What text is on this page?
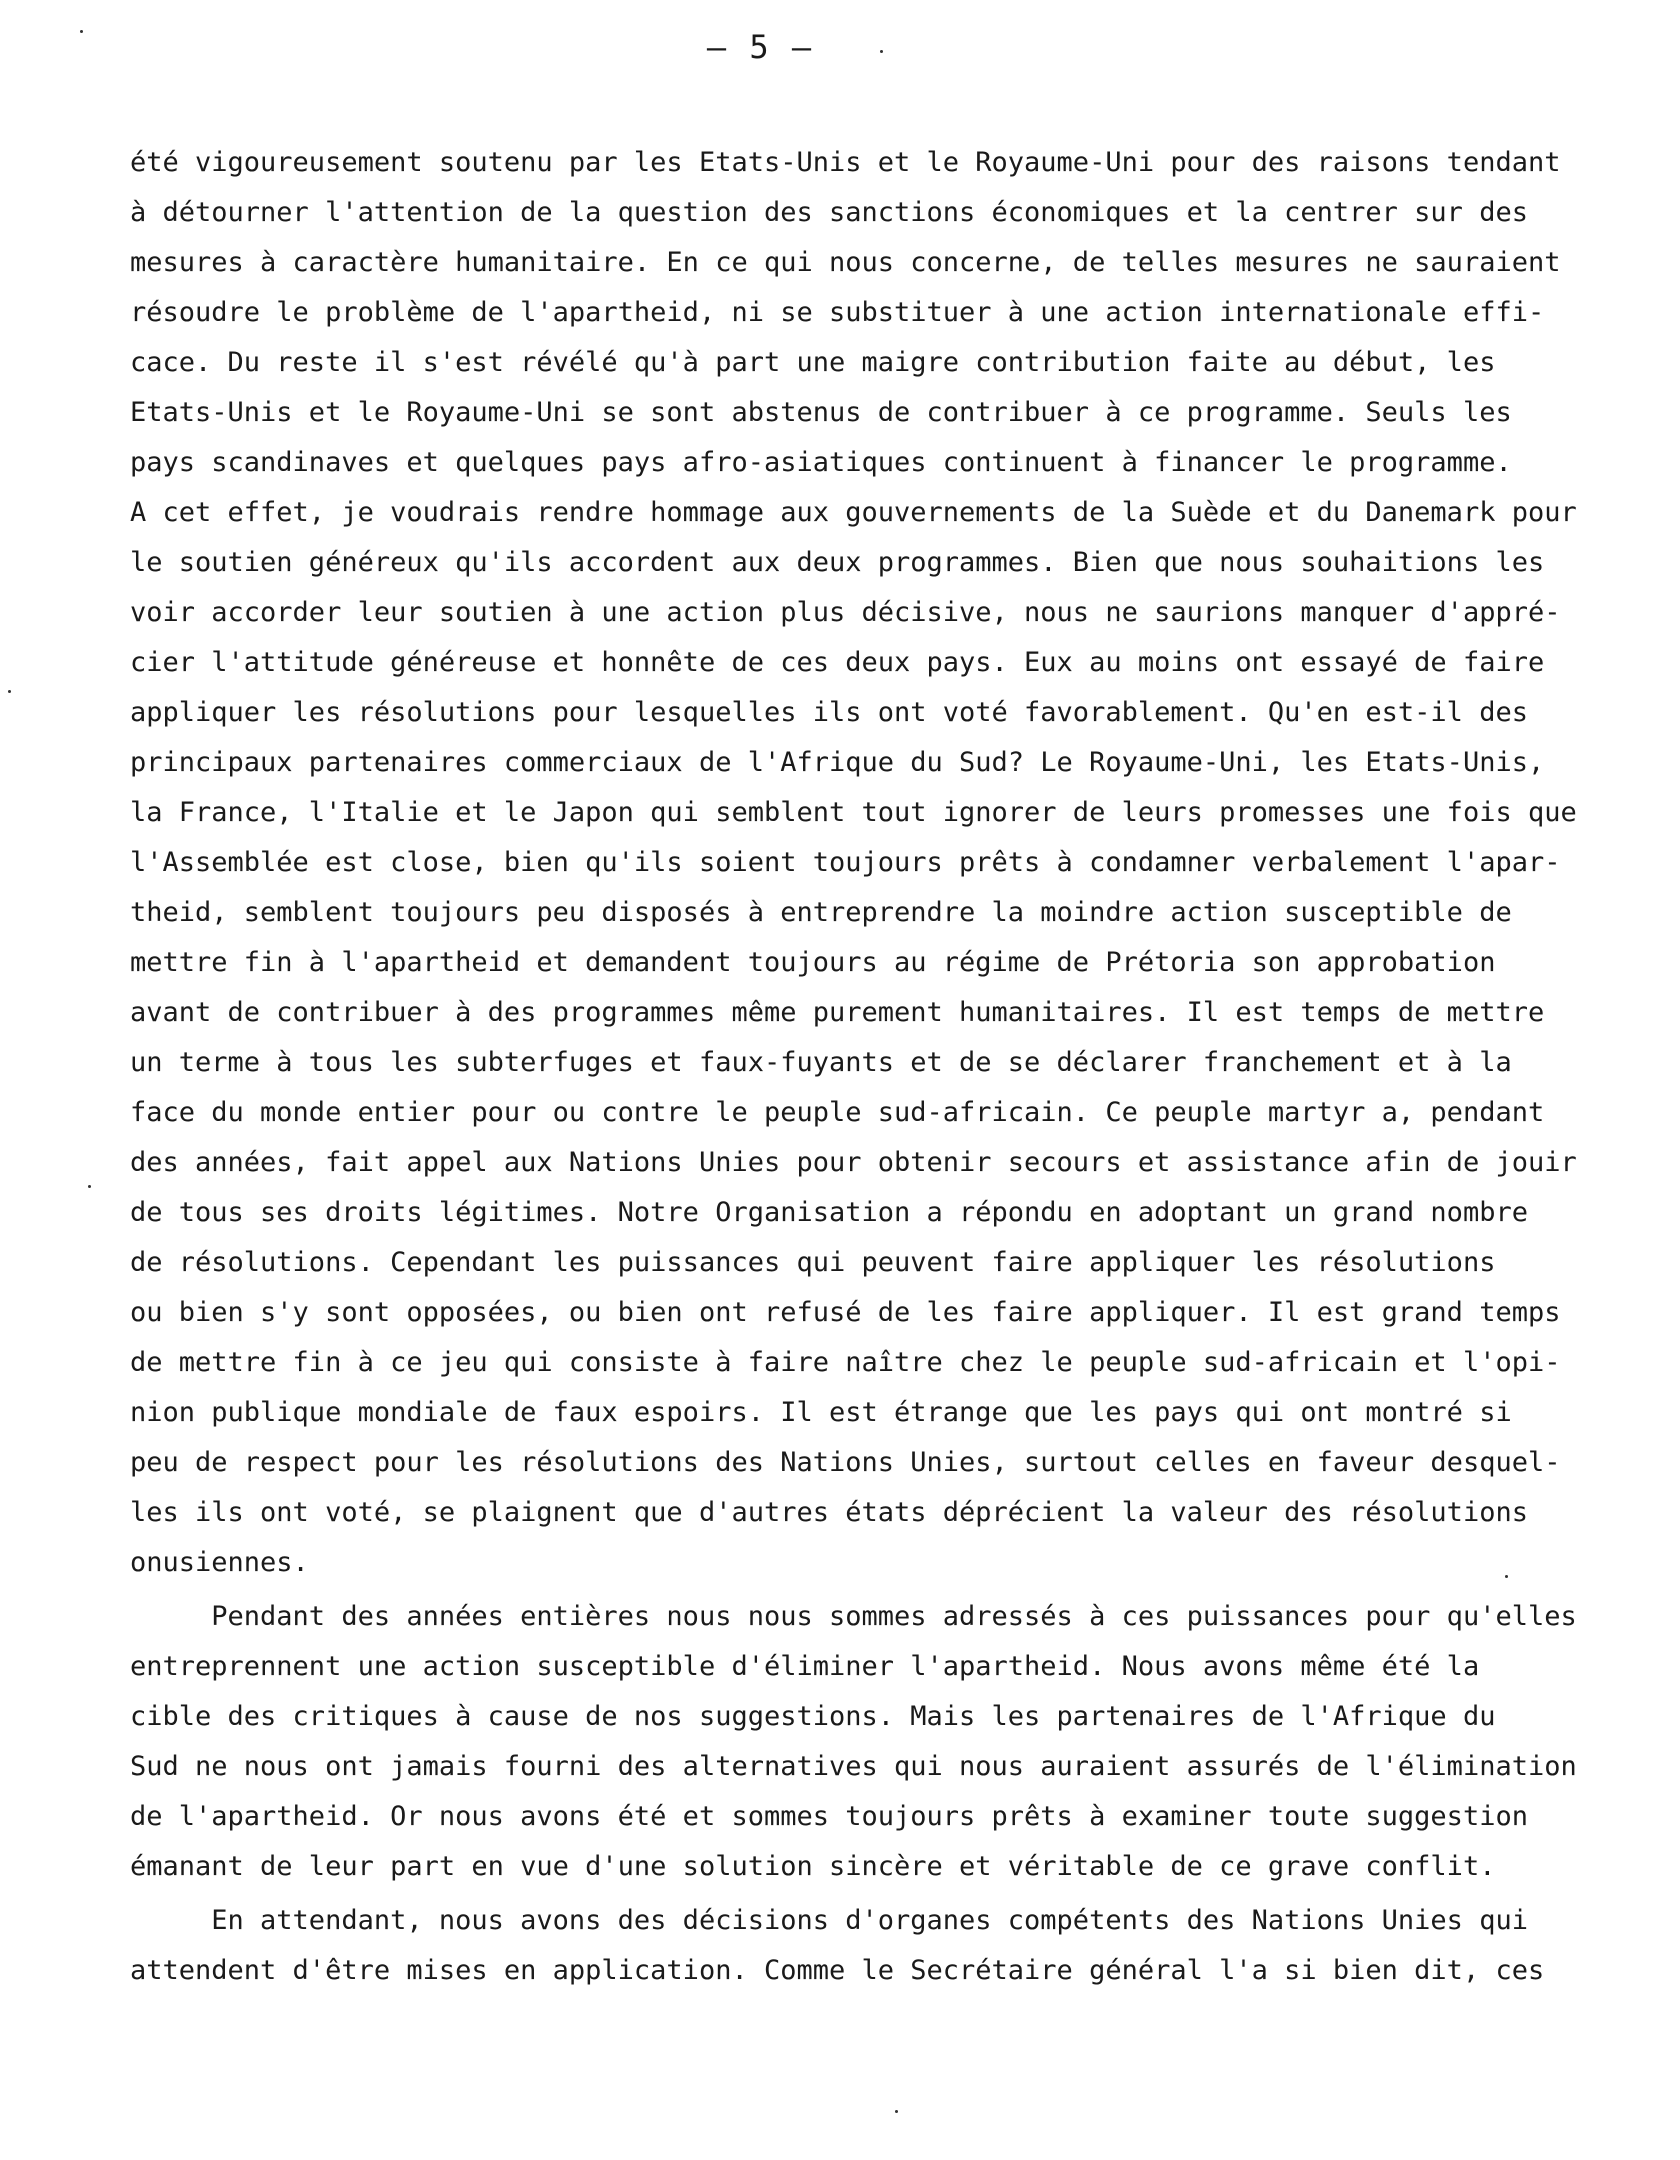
— 5 —
été vigoureusement soutenu par les Etats-Unis et le Royaume-Uni pour des raisons tendant
à détourner l'attention de la question des sanctions économiques et la centrer sur des
mesures à caractère humanitaire. En ce qui nous concerne, de telles mesures ne sauraient
résoudre le problème de l'apartheid, ni se substituer à une action internationale effi-
cace. Du reste il s'est révélé qu'à part une maigre contribution faite au début, les
Etats-Unis et le Royaume-Uni se sont abstenus de contribuer à ce programme. Seuls les
pays scandinaves et quelques pays afro-asiatiques continuent à financer le programme.
A cet effet, je voudrais rendre hommage aux gouvernements de la Suède et du Danemark pour
le soutien généreux qu'ils accordent aux deux programmes. Bien que nous souhaitions les
voir accorder leur soutien à une action plus décisive, nous ne saurions manquer d'appré-
cier l'attitude généreuse et honnête de ces deux pays. Eux au moins ont essayé de faire
appliquer les résolutions pour lesquelles ils ont voté favorablement. Qu'en est-il des
principaux partenaires commerciaux de l'Afrique du Sud? Le Royaume-Uni, les Etats-Unis,
la France, l'Italie et le Japon qui semblent tout ignorer de leurs promesses une fois que
l'Assemblée est close, bien qu'ils soient toujours prêts à condamner verbalement l'apar-
theid, semblent toujours peu disposés à entreprendre la moindre action susceptible de
mettre fin à l'apartheid et demandent toujours au régime de Prétoria son approbation
avant de contribuer à des programmes même purement humanitaires. Il est temps de mettre
un terme à tous les subterfuges et faux-fuyants et de se déclarer franchement et à la
face du monde entier pour ou contre le peuple sud-africain. Ce peuple martyr a, pendant
des années, fait appel aux Nations Unies pour obtenir secours et assistance afin de jouir
de tous ses droits légitimes. Notre Organisation a répondu en adoptant un grand nombre
de résolutions. Cependant les puissances qui peuvent faire appliquer les résolutions
ou bien s'y sont opposées, ou bien ont refusé de les faire appliquer. Il est grand temps
de mettre fin à ce jeu qui consiste à faire naître chez le peuple sud-africain et l'opi-
nion publique mondiale de faux espoirs. Il est étrange que les pays qui ont montré si
peu de respect pour les résolutions des Nations Unies, surtout celles en faveur desquel-
les ils ont voté, se plaignent que d'autres états déprécient la valeur des résolutions
onusiennes.
Pendant des années entières nous nous sommes adressés à ces puissances pour qu'elles
entreprennent une action susceptible d'éliminer l'apartheid. Nous avons même été la
cible des critiques à cause de nos suggestions. Mais les partenaires de l'Afrique du
Sud ne nous ont jamais fourni des alternatives qui nous auraient assurés de l'élimination
de l'apartheid. Or nous avons été et sommes toujours prêts à examiner toute suggestion
émanant de leur part en vue d'une solution sincère et véritable de ce grave conflit.
En attendant, nous avons des décisions d'organes compétents des Nations Unies qui
attendent d'être mises en application. Comme le Secrétaire général l'a si bien dit, ces
